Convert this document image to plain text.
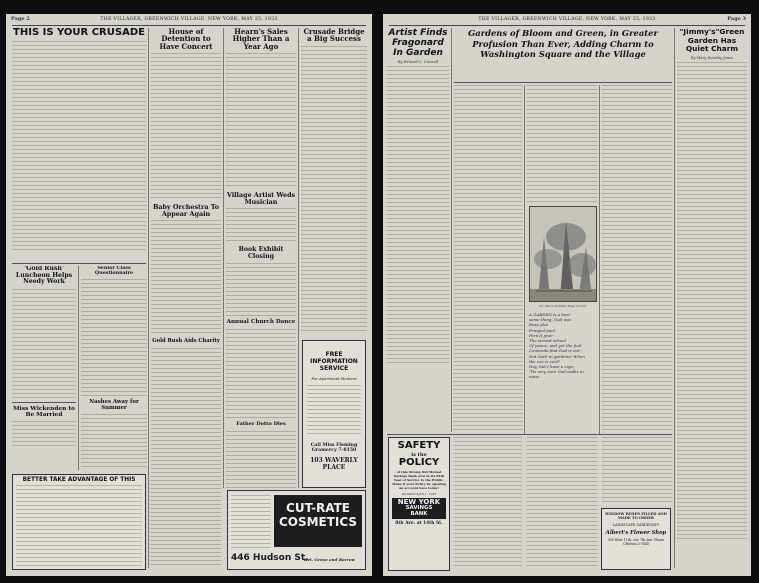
Page 2	THE VILLAGER, GREENWICH VILLAGE, NEW YORK, MAY 25, 1933
THIS IS YOUR CRUSADE
'Gold Rush' Luncheon Helps Needy Work
Miss Wickenden to Be Married
Senior Class Questionnaire
Nashes Away for Summer
BETTER TAKE ADVANTAGE OF THIS
House of Detention to Have Concert
Baby Orchestra To Appear Again
Gold Rush Aids Charity
Hearn's Sales Higher Than a Year Ago
Village Artist Weds Musician
Book Exhibit Closing
Annual Church Dance
Father Dotto Dies
Crusade Bridge a Big Success
FREE INFORMATION SERVICE
For Apartment Hunters
Call Miss Fleming
Gramercy 7-8150
103 WAVERLY PLACE
CUT-RATE COSMETICS
446 Hudson St.
Bet. Grove and Barrow
THE VILLAGER, GREENWICH VILLAGE, NEW YORK, MAY 25, 1933	Page 3
Artist Finds Fragonard In Garden
By Edward C. Caswell
Gardens of Bloom and Green, in Greater Profusion Than Ever, Adding Charm to Washington Square and the Village
Dr. Otto's Sunnier Rose Corner
A GARDEN is a love-
some thing, God wot.
Rose plot
Fringed pool
Fern'd grot--
The veriest school
Of peace; and yet the fool
Contends that God is not--
Not God! in gardens! When
the eve is cool?
Nay, but I have a sign;
'Tis very sure God walks in
mine.
"Jimmy's"Green Garden Has Quiet Charm
By Mary Dorothy Jones
SAFETY
is the
POLICY
of this Strong Old Mutual Savings Bank now in its 84th Year of Service to the Public. Make it your Policy by opening an account here today!
Dividend April 1, 1933
NEW YORK
SAVINGS
BANK
8th Ave. at 14th St.
WINDOW BOXES FILLED AND MADE TO ORDER
LANDSCAPE GARDENING
Albert's Flower Shop
390 West 11th, cor. 7th Ave. Phone CHelsea 3-7840
